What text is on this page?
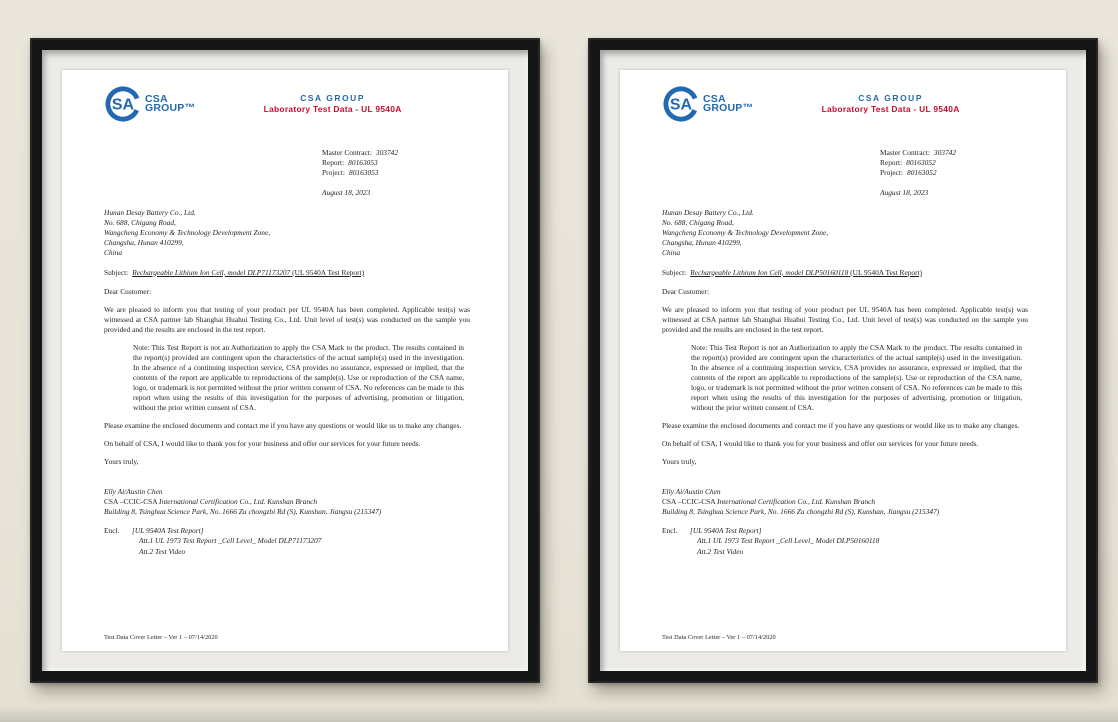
SA CSA
GROUP™
CSA GROUP
Laboratory Test Data - UL 9540A
Master Contract: 303742
Report: 80163053
Project: 80163053
August 18, 2023
Hunan Desay Battery Co., Ltd.
No. 688, Chigang Road,
Wangcheng Economy & Technology Development Zone,
Changsha, Hunan 410299,
China
Subject: Rechargeable Lithium Ion Cell, model DLP71173207 (UL 9540A Test Report)

Dear Customer:

We are pleased to inform you that testing of your product per UL 9540A has been completed. Applicable test(s) was witnessed at CSA partner lab Shanghai Huahui Testing Co., Ltd. Unit level of test(s) was conducted on the sample you provided and the results are enclosed in the test report.

Note: This Test Report is not an Authorization to apply the CSA Mark to the product. The results contained in the report(s) provided are contingent upon the characteristics of the actual sample(s) used in the investigation. In the absence of a continuing inspection service, CSA provides no assurance, expressed or implied, that the contents of the report are applicable to reproductions of the sample(s). Use or reproduction of the CSA name, logo, or trademark is not permitted without the prior written consent of CSA. No references can be made to this report when using the results of this investigation for the purposes of advertising, promotion or litigation, without the prior written consent of CSA.

Please examine the enclosed documents and contact me if you have any questions or would like us to make any changes.

On behalf of CSA, I would like to thank you for your business and offer our services for your future needs.

Yours truly,

Elly Ai/Austin Chen
CSA –CCIC-CSA International Certification Co., Ltd. Kunshan Branch
Building 8, Tsinghua Science Park, No. 1666 Zu chongzhi Rd (S), Kunshan, Jiangsu (215347)
Encl.	[UL 9540A Test Report]
Att.1 UL 1973 Test Report _Cell Level_ Model DLP71173207
Att.2 Test Video
Test Data Cover Letter – Ver 1 – 07/14/2020
SA CSA
GROUP™
CSA GROUP
Laboratory Test Data - UL 9540A
Master Contract: 303742
Report: 80163052
Project: 80163052
August 18, 2023
Hunan Desay Battery Co., Ltd.
No. 688, Chigang Road,
Wangcheng Economy & Technology Development Zone,
Changsha, Hunan 410299,
China
Subject: Rechargeable Lithium Ion Cell, model DLP50160118 (UL 9540A Test Report)

Dear Customer:

We are pleased to inform you that testing of your product per UL 9540A has been completed. Applicable test(s) was witnessed at CSA partner lab Shanghai Huahui Testing Co., Ltd. Unit level of test(s) was conducted on the sample you provided and the results are enclosed in the test report.

Note: This Test Report is not an Authorization to apply the CSA Mark to the product. The results contained in the report(s) provided are contingent upon the characteristics of the actual sample(s) used in the investigation. In the absence of a continuing inspection service, CSA provides no assurance, expressed or implied, that the contents of the report are applicable to reproductions of the sample(s). Use or reproduction of the CSA name, logo, or trademark is not permitted without the prior written consent of CSA. No references can be made to this report when using the results of this investigation for the purposes of advertising, promotion or litigation, without the prior written consent of CSA.

Please examine the enclosed documents and contact me if you have any questions or would like us to make any changes.

On behalf of CSA, I would like to thank you for your business and offer our services for your future needs.

Yours truly,

Elly Ai/Austin Chen
CSA –CCIC-CSA International Certification Co., Ltd. Kunshan Branch
Building 8, Tsinghua Science Park, No. 1666 Zu chongzhi Rd (S), Kunshan, Jiangsu (215347)
Encl.	[UL 9540A Test Report]
Att.1 UL 1973 Test Report _Cell Level_ Model DLP50160118
Att.2 Test Video
Test Data Cover Letter – Ver 1 – 07/14/2020
